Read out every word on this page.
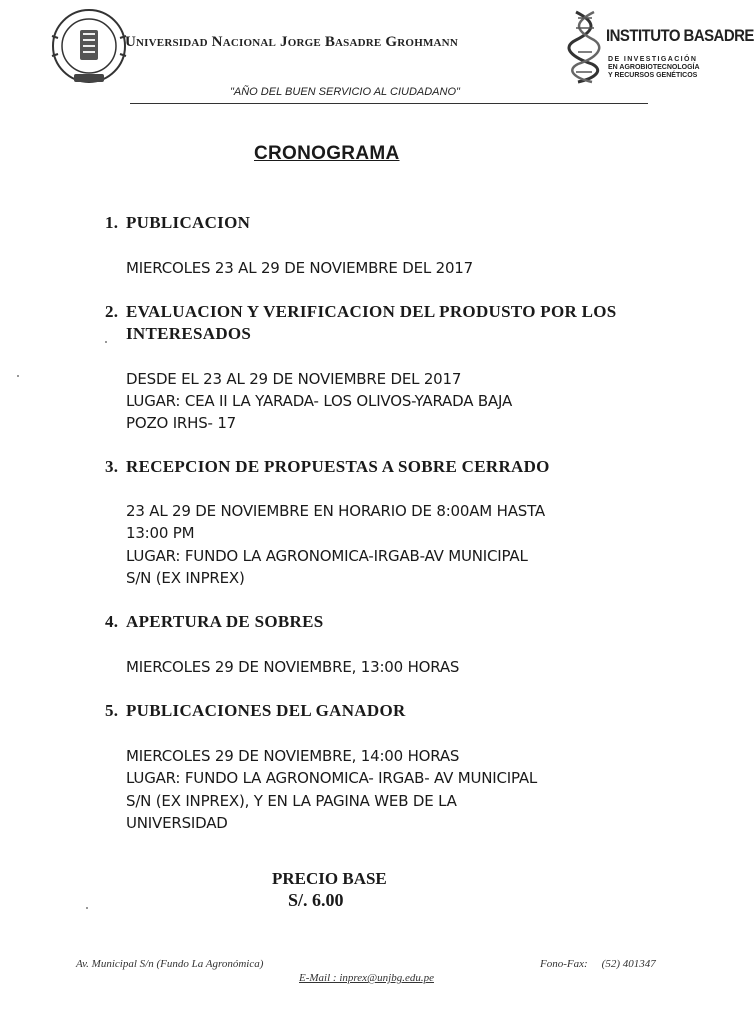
Universidad Nacional Jorge Basadre Grohmann
"AÑO DEL BUEN SERVICIO AL CIUDADANO"
INSTITUTO BASADRE
DE INVESTIGACIÓN
EN AGROBIOTECNOLOGÍA
Y RECURSOS GENÉTICOS
CRONOGRAMA
1. PUBLICACION
MIERCOLES 23 AL 29 DE NOVIEMBRE DEL 2017
2. EVALUACION Y VERIFICACION DEL PRODUSTO POR LOS INTERESADOS
DESDE EL 23 AL 29 DE NOVIEMBRE DEL 2017
LUGAR: CEA II LA YARADA- LOS OLIVOS-YARADA BAJA
POZO IRHS- 17
3. RECEPCION DE PROPUESTAS A SOBRE CERRADO
23 AL 29 DE NOVIEMBRE EN HORARIO DE 8:00AM HASTA
13:00 PM
LUGAR: FUNDO LA AGRONOMICA-IRGAB-AV MUNICIPAL
S/N (EX INPREX)
4. APERTURA DE SOBRES
MIERCOLES 29 DE NOVIEMBRE, 13:00 HORAS
5. PUBLICACIONES DEL GANADOR
MIERCOLES 29 DE NOVIEMBRE, 14:00 HORAS
LUGAR: FUNDO LA AGRONOMICA- IRGAB- AV MUNICIPAL
S/N (EX INPREX), Y EN LA PAGINA WEB DE LA
UNIVERSIDAD
PRECIO BASE
S/. 6.00
Av. Municipal S/n (Fundo La Agronómica)	Fono-Fax: (52) 401347
E-Mail : inprex@unjbg.edu.pe
